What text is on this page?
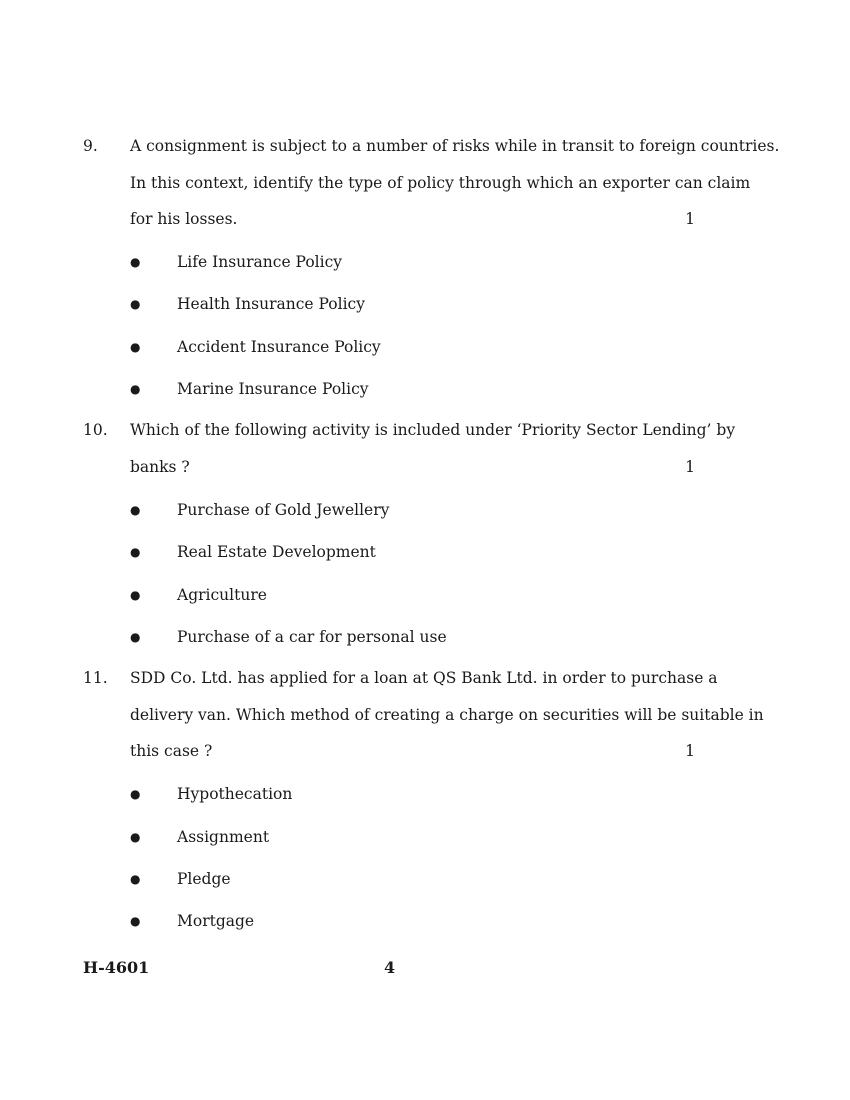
9.	A consignment is subject to a number of risks while in transit to foreign countries.
In this context, identify the type of policy through which an exporter can claim
for his losses.	1
● Life Insurance Policy
● Health Insurance Policy
● Accident Insurance Policy
● Marine Insurance Policy
10.	Which of the following activity is included under ‘Priority Sector Lending’ by
banks ?	1
● Purchase of Gold Jewellery
● Real Estate Development
● Agriculture
● Purchase of a car for personal use
11.	SDD Co. Ltd. has applied for a loan at QS Bank Ltd. in order to purchase a
delivery van. Which method of creating a charge on securities will be suitable in
this case ?	1
● Hypothecation
● Assignment
● Pledge
● Mortgage
H-4601	4
